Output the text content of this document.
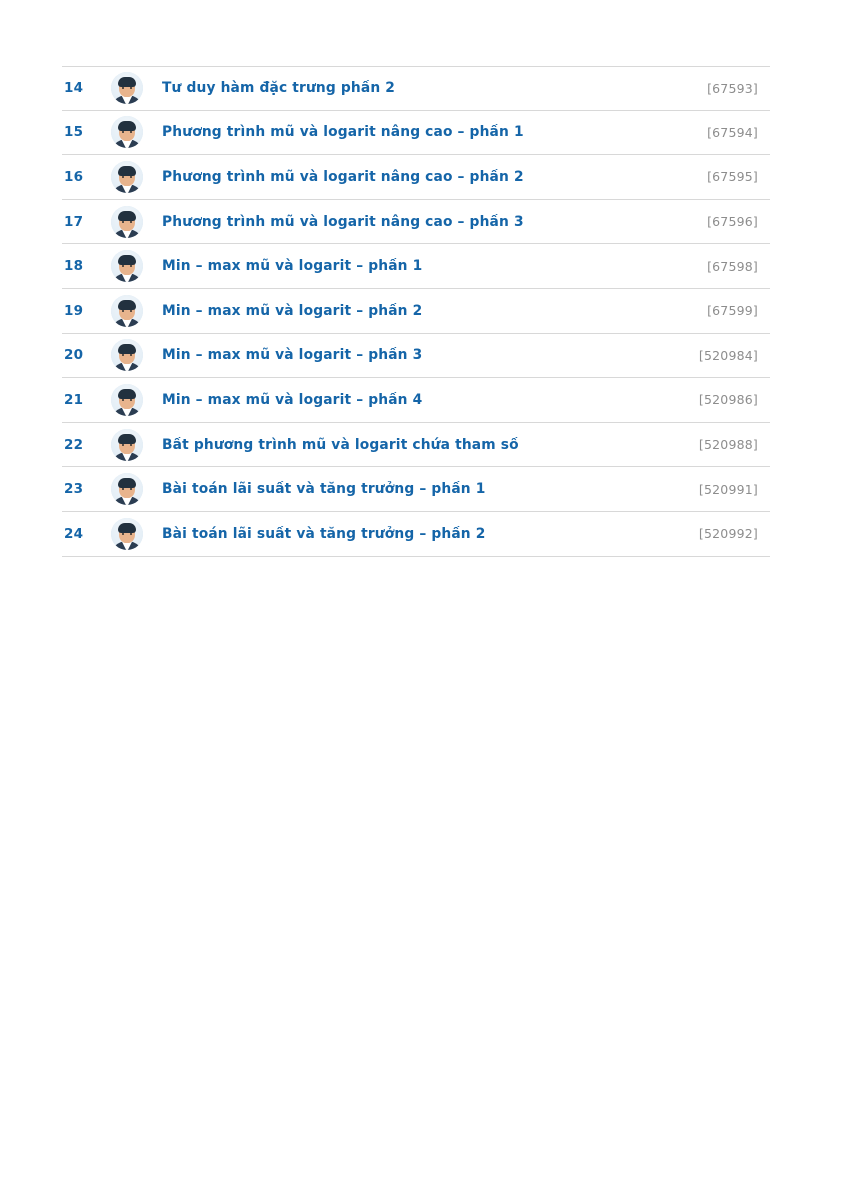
14	Tư duy hàm đặc trưng phần 2	[67593]
15	Phương trình mũ và logarit nâng cao – phần 1	[67594]
16	Phương trình mũ và logarit nâng cao – phần 2	[67595]
17	Phương trình mũ và logarit nâng cao – phần 3	[67596]
18	Min – max mũ và logarit – phần 1	[67598]
19	Min – max mũ và logarit – phần 2	[67599]
20	Min – max mũ và logarit – phần 3	[520984]
21	Min – max mũ và logarit – phần 4	[520986]
22	Bất phương trình mũ và logarit chứa tham số	[520988]
23	Bài toán lãi suất và tăng trưởng – phần 1	[520991]
24	Bài toán lãi suất và tăng trưởng – phần 2	[520992]
